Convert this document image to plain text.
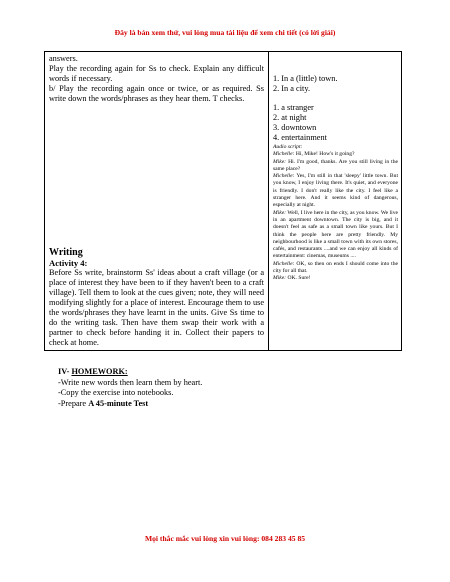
Đây là bản xem thử, vui lòng mua tài liệu để xem chi tiết (có lời giải)

answers.

Play the recording again for Ss to check. Explain any difficult words if necessary.

b/ Play the recording again once or twice, or as required. Ss write down the words/phrases as they hear them. T checks.

Writing

Activity 4:

Before Ss write, brainstorm Ss' ideas about a craft village (or a place of interest they have been to if they haven't been to a craft village). Tell them to look at the cues given; note, they will need modifying slightly for a place of interest. Encourage them to use the words/phrases they have learnt in the units. Give Ss time to do the writing task. Then have them swap their work with a partner to check before handing it in. Collect their papers to check at home.

1. In a (little) town.

2. In a city.

1. a stranger

2. at night

3. downtown

4. entertainment

Audio script:

Michelle: Hi, Mike! How's it going?

Mike: Hi. I'm good, thanks. Are you still living in the same place?

Michelle: Yes, I'm still in that 'sleepy' little town. But you know, I enjoy living there. It's quiet, and everyone is friendly. I don't really like the city. I feel like a stranger here. And it seems kind of dangerous, especially at night.

Mike: Well, I live here in the city, as you know. We live in an apartment downtown. The city is big, and it doesn't feel as safe as a small town like yours. But I think the people here are pretty friendly. My neighbourhood is like a small town with its own stores, cafés, and restaurants ....and we can enjoy all kinds of entertainment: cinemas, museums ....

Michelle: OK, so then on ends I should come into the city for all that.

Mike: OK. Sure!

IV- HOMEWORK:
-Write new words then learn them by heart.
-Copy the exercise into notebooks.
-Prepare A 45-minute Test
Mọi thắc mắc vui lòng xin vui lòng: 084 283 45 85
